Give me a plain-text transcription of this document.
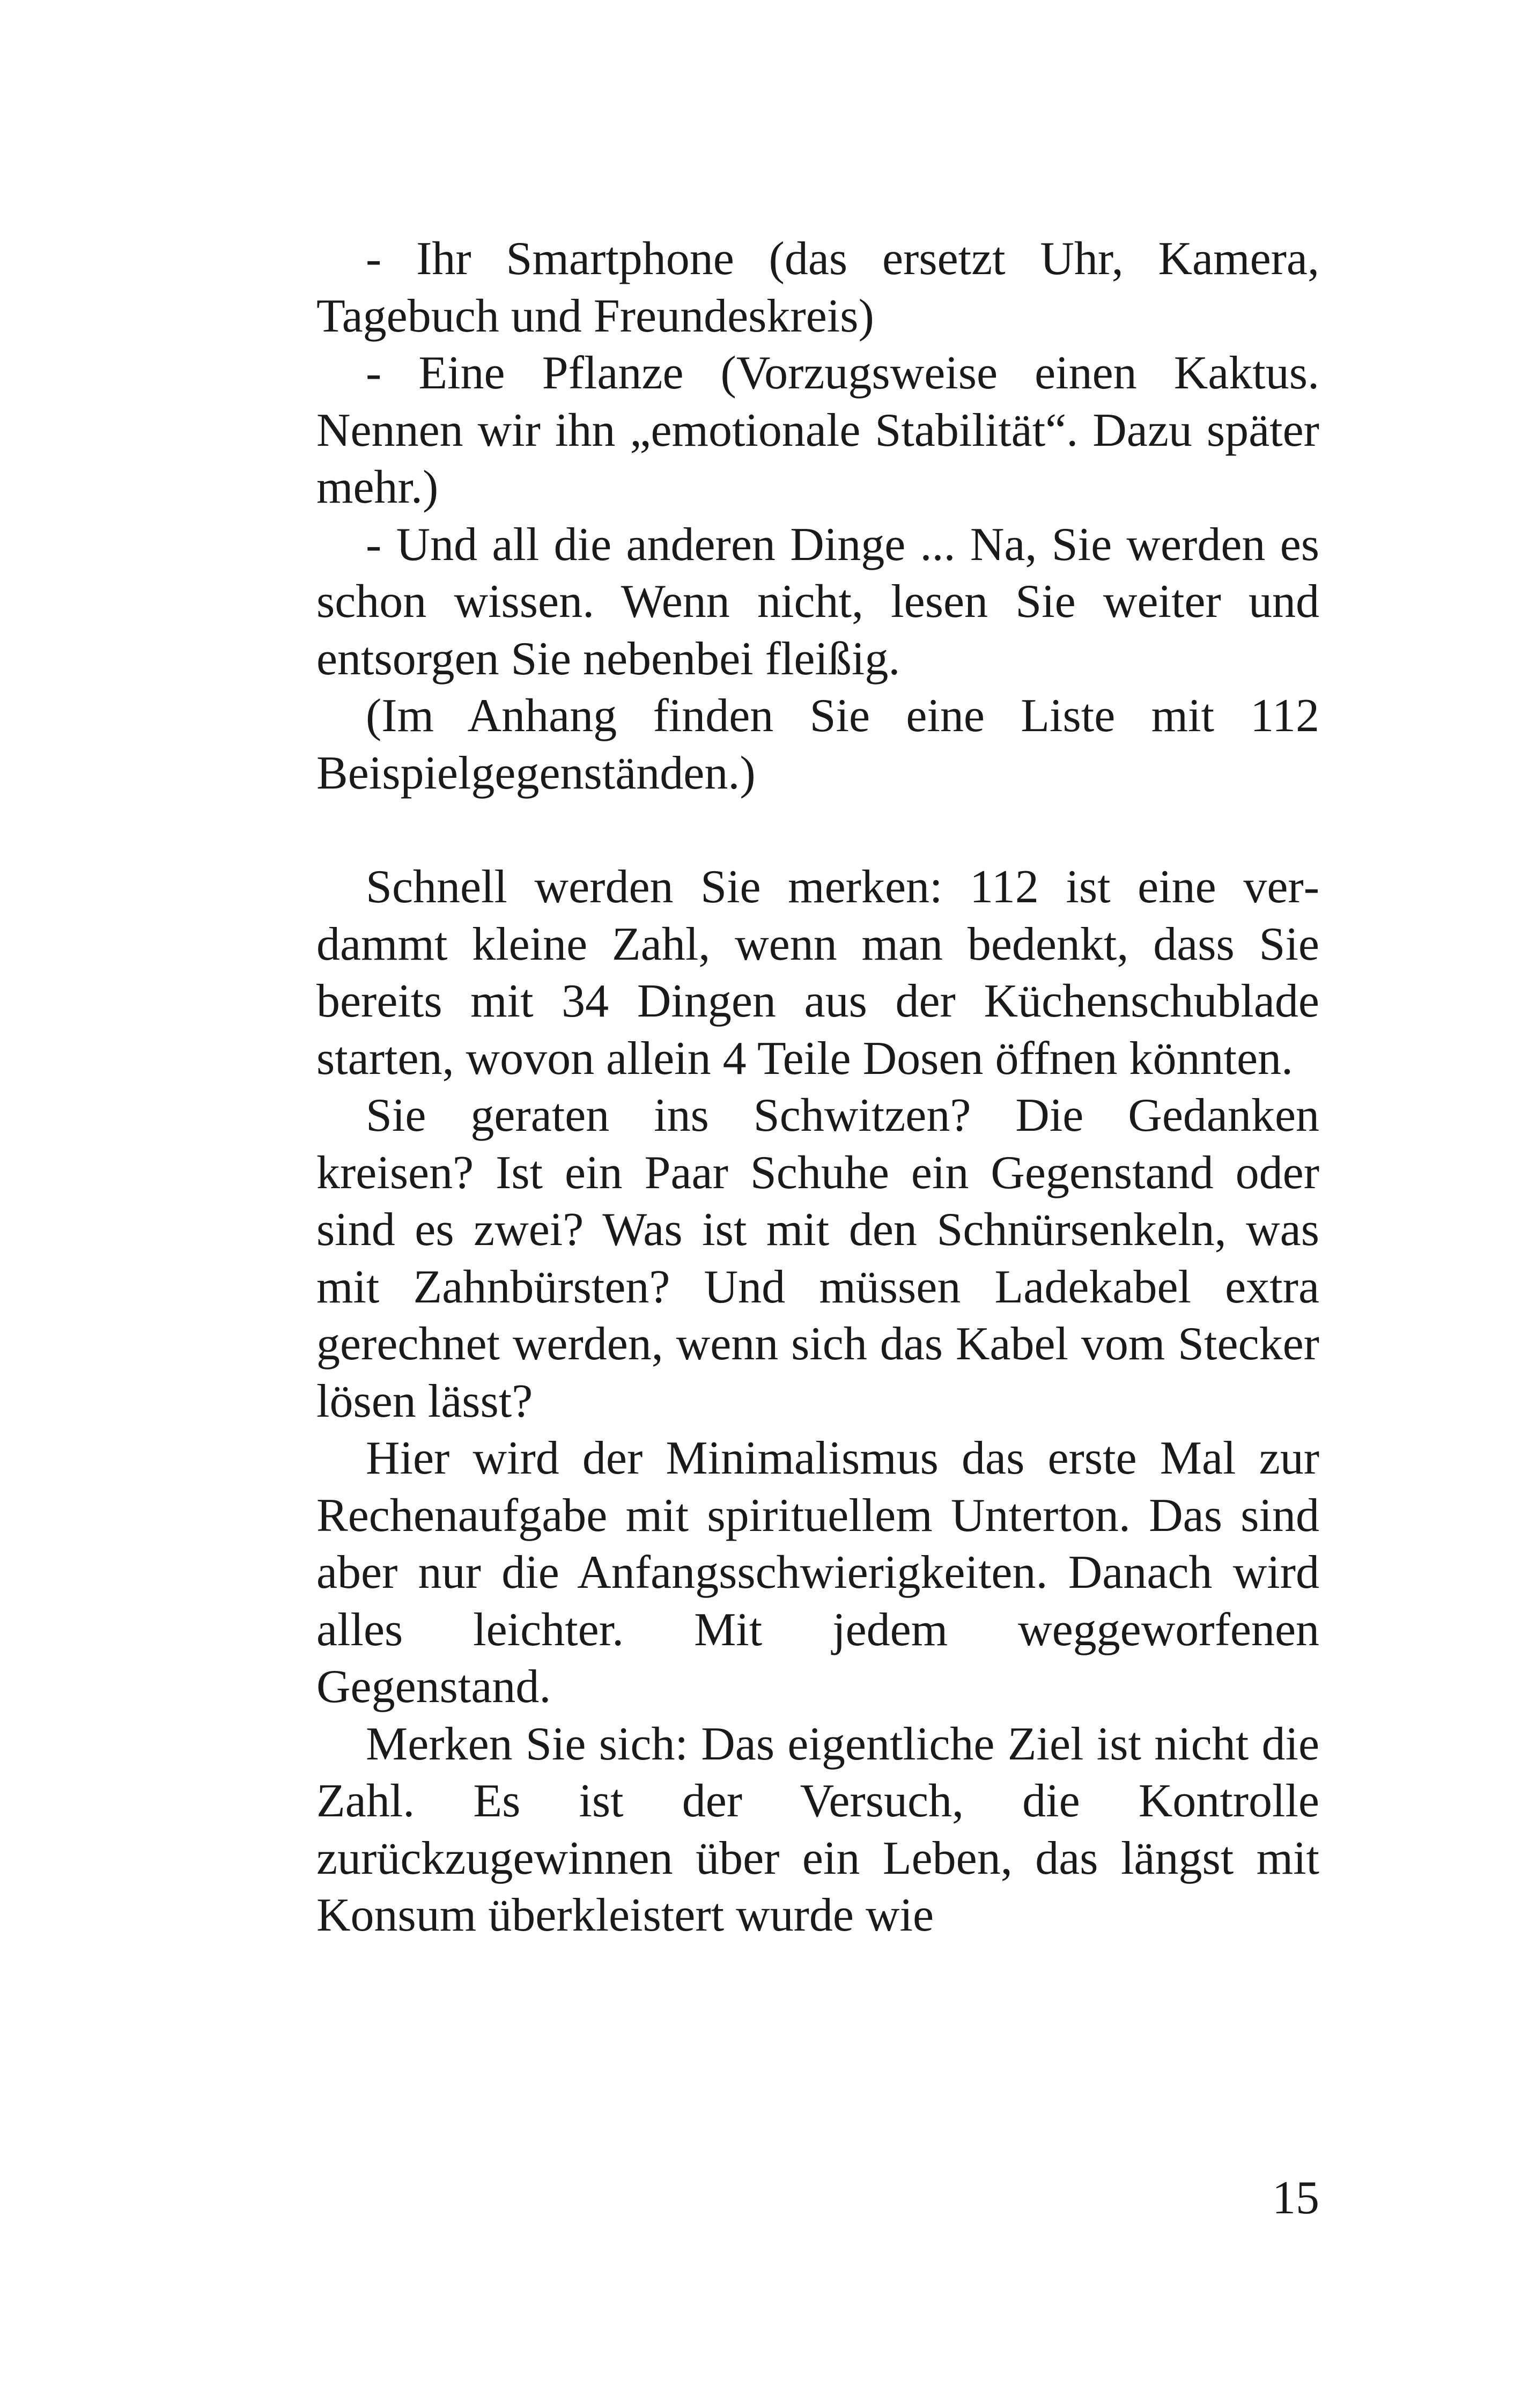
- Ihr Smartphone (das ersetzt Uhr, Kamera, Tagebuch und Freundeskreis)

- Eine Pflanze (Vorzugsweise einen Kaktus. Nennen wir ihn „emotionale Stabilität“. Dazu später mehr.)

- Und all die anderen Dinge ... Na, Sie werden es schon wissen. Wenn nicht, lesen Sie weiter und entsorgen Sie nebenbei fleißig.

(Im Anhang finden Sie eine Liste mit 112 Beispielgegenständen.)

Schnell werden Sie merken: 112 ist eine verdammt kleine Zahl, wenn man bedenkt, dass Sie bereits mit 34 Dingen aus der Küchenschublade starten, wovon allein 4 Teile Dosen öffnen könnten.

Sie geraten ins Schwitzen? Die Gedanken kreisen? Ist ein Paar Schuhe ein Gegenstand oder sind es zwei? Was ist mit den Schnürsenkeln, was mit Zahnbürsten? Und müssen Ladekabel extra gerechnet werden, wenn sich das Kabel vom Stecker lösen lässt?

Hier wird der Minimalismus das erste Mal zur Rechenaufgabe mit spirituellem Unterton. Das sind aber nur die Anfangsschwierigkeiten. Danach wird alles leichter. Mit jedem weggeworfenen Gegenstand.

Merken Sie sich: Das eigentliche Ziel ist nicht die Zahl. Es ist der Versuch, die Kontrolle zurückzugewinnen über ein Leben, das längst mit Konsum überkleistert wurde wie

15
